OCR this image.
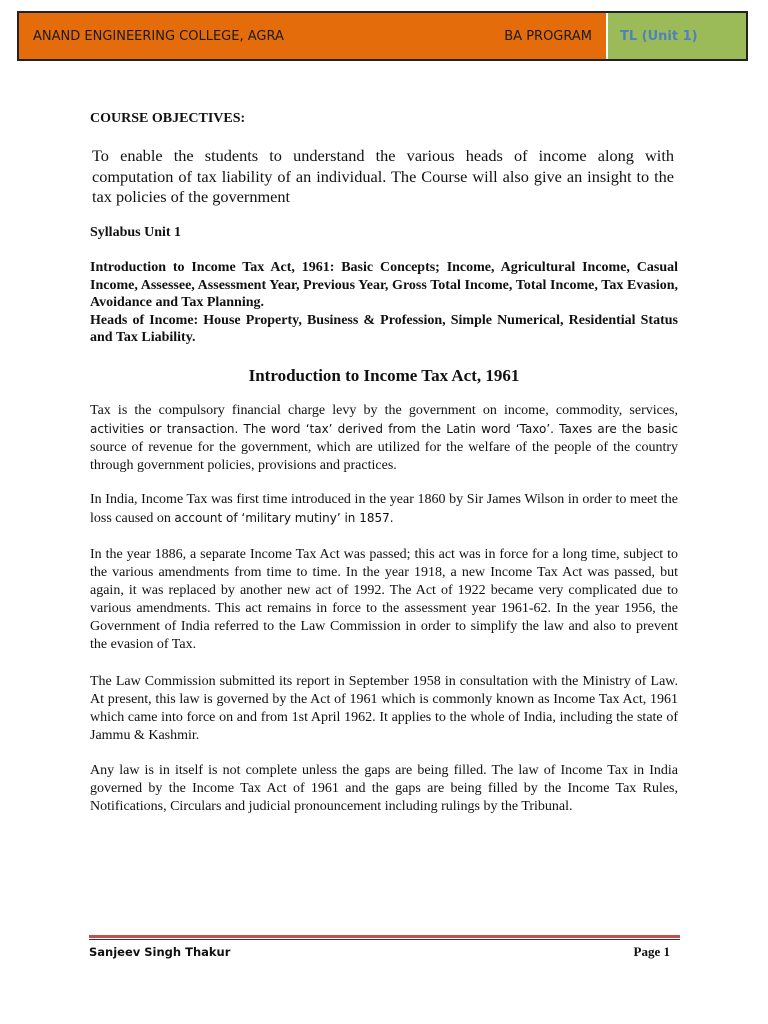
ANAND ENGINEERING COLLEGE, AGRA	BA PROGRAM TL (Unit 1)
COURSE OBJECTIVES:
To enable the students to understand the various heads of income along with computation of tax liability of an individual. The Course will also give an insight to the tax policies of the government
Syllabus Unit 1

Introduction to Income Tax Act, 1961: Basic Concepts; Income, Agricultural Income, Casual Income, Assessee, Assessment Year, Previous Year, Gross Total Income, Total Income, Tax Evasion, Avoidance and Tax Planning.

Heads of Income: House Property, Business & Profession, Simple Numerical, Residential Status and Tax Liability.

Introduction to Income Tax Act, 1961

Tax is the compulsory financial charge levy by the government on income, commodity, services, activities or transaction. The word ‘tax’ derived from the Latin word ‘Taxo’. Taxes are the basic source of revenue for the government, which are utilized for the welfare of the people of the country through government policies, provisions and practices.

In India, Income Tax was first time introduced in the year 1860 by Sir James Wilson in order to meet the loss caused on account of ‘military mutiny’ in 1857.

In the year 1886, a separate Income Tax Act was passed; this act was in force for a long time, subject to the various amendments from time to time. In the year 1918, a new Income Tax Act was passed, but again, it was replaced by another new act of 1992. The Act of 1922 became very complicated due to various amendments. This act remains in force to the assessment year 1961-62. In the year 1956, the Government of India referred to the Law Commission in order to simplify the law and also to prevent the evasion of Tax.

The Law Commission submitted its report in September 1958 in consultation with the Ministry of Law. At present, this law is governed by the Act of 1961 which is commonly known as Income Tax Act, 1961 which came into force on and from 1st April 1962. It applies to the whole of India, including the state of Jammu & Kashmir.

Any law is in itself is not complete unless the gaps are being filled. The law of Income Tax in India governed by the Income Tax Act of 1961 and the gaps are being filled by the Income Tax Rules, Notifications, Circulars and judicial pronouncement including rulings by the Tribunal.

Sanjeev Singh Thakur	Page 1
